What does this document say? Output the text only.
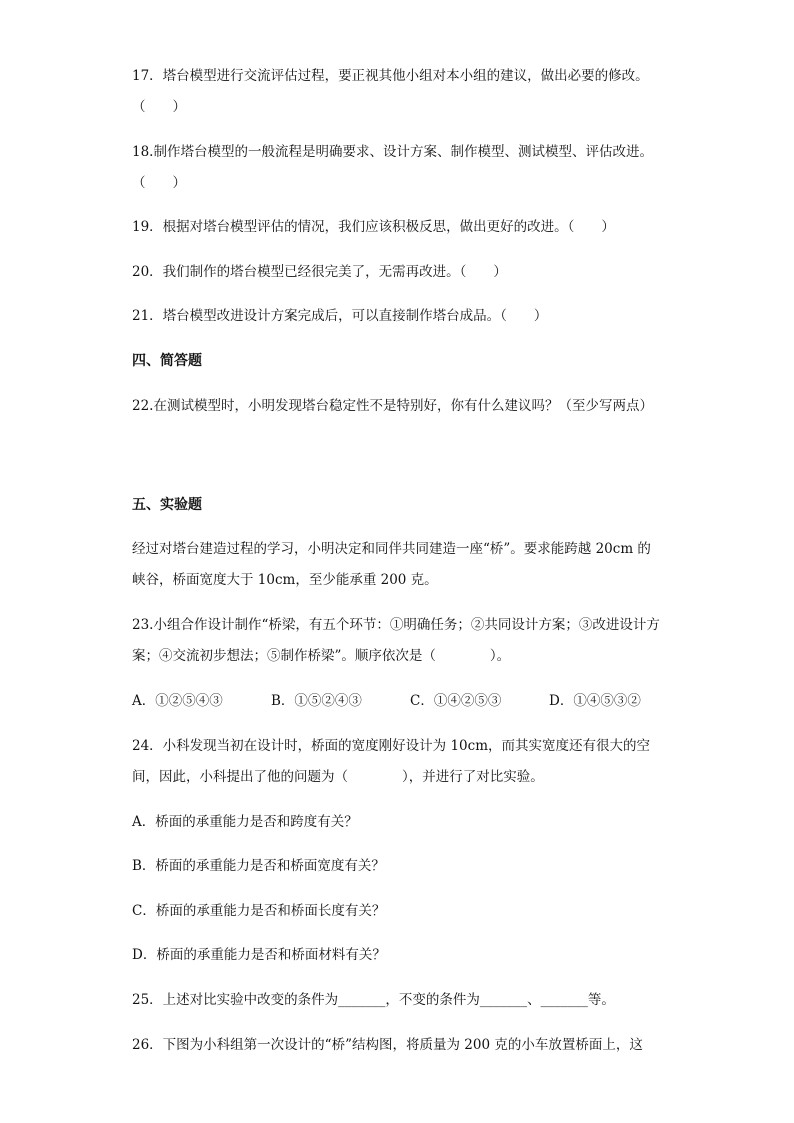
17．塔台模型进行交流评估过程，要正视其他小组对本小组的建议，做出必要的修改。
（　　）
18.制作塔台模型的一般流程是明确要求、设计方案、制作模型、测试模型、评估改进。
（　　）
19．根据对塔台模型评估的情况，我们应该积极反思，做出更好的改进。（　　）
20．我们制作的塔台模型已经很完美了，无需再改进。（　　）
21．塔台模型改进设计方案完成后，可以直接制作塔台成品。（　　）
四、简答题
22.在测试模型时，小明发现塔台稳定性不是特别好，你有什么建议吗？（至少写两点）
五、实验题
经过对塔台建造过程的学习，小明决定和同伴共同建造一座“桥”。要求能跨越 20cm 的
峡谷，桥面宽度大于 10cm，至少能承重 200 克。
23.小组合作设计制作“桥梁，有五个环节：①明确任务；②共同设计方案；③改进设计方
案；④交流初步想法；⑤制作桥梁”。顺序依次是（　　　　）。
A．①②⑤④③	B．①⑤②④③	C．①④②⑤③	D．①④⑤③②
24．小科发现当初在设计时，桥面的宽度刚好设计为 10cm，而其实宽度还有很大的空
间，因此，小科提出了他的问题为（　　　　），并进行了对比实验。
A．桥面的承重能力是否和跨度有关？
B．桥面的承重能力是否和桥面宽度有关？
C．桥面的承重能力是否和桥面长度有关？
D．桥面的承重能力是否和桥面材料有关？
25．上述对比实验中改变的条件为_______，不变的条件为_______、_______等。
26．下图为小科组第一次设计的“桥”结构图，将质量为 200 克的小车放置桥面上，这
